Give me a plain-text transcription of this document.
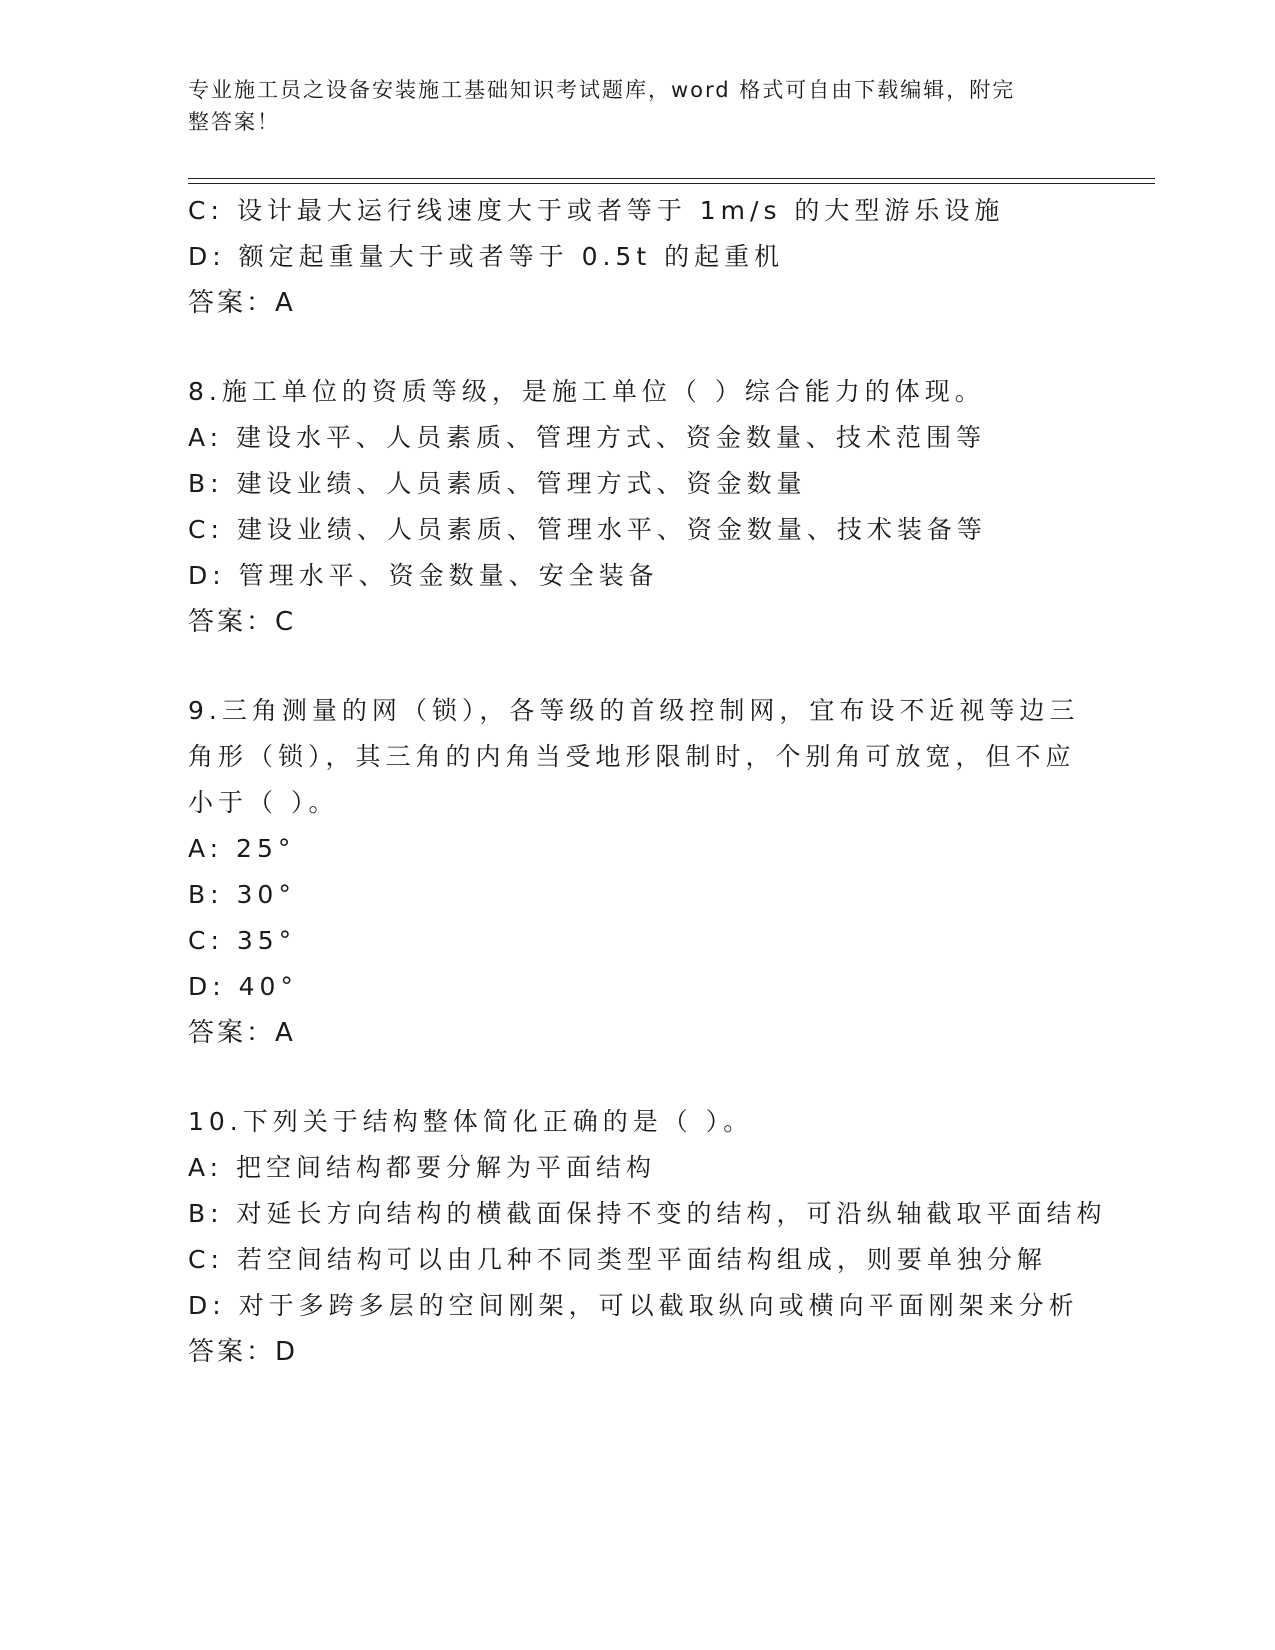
专业施工员之设备安装施工基础知识考试题库，word 格式可自由下载编辑，附完
整答案！
C: 设计最大运行线速度大于或者等于 1m/s 的大型游乐设施
D: 额定起重量大于或者等于 0.5t 的起重机
答案：A
8.施工单位的资质等级，是施工单位（ ）综合能力的体现。
A: 建设水平、人员素质、管理方式、资金数量、技术范围等
B: 建设业绩、人员素质、管理方式、资金数量
C: 建设业绩、人员素质、管理水平、资金数量、技术装备等
D: 管理水平、资金数量、安全装备
答案：C
9.三角测量的网（锁），各等级的首级控制网，宜布设不近视等边三
角形（锁），其三角的内角当受地形限制时，个别角可放宽，但不应
小于（ ）。
A: 25°
B: 30°
C: 35°
D: 40°
答案：A
10.下列关于结构整体简化正确的是（ ）。
A: 把空间结构都要分解为平面结构
B: 对延长方向结构的横截面保持不变的结构，可沿纵轴截取平面结构
C: 若空间结构可以由几种不同类型平面结构组成，则要单独分解
D: 对于多跨多层的空间刚架，可以截取纵向或横向平面刚架来分析
答案：D
